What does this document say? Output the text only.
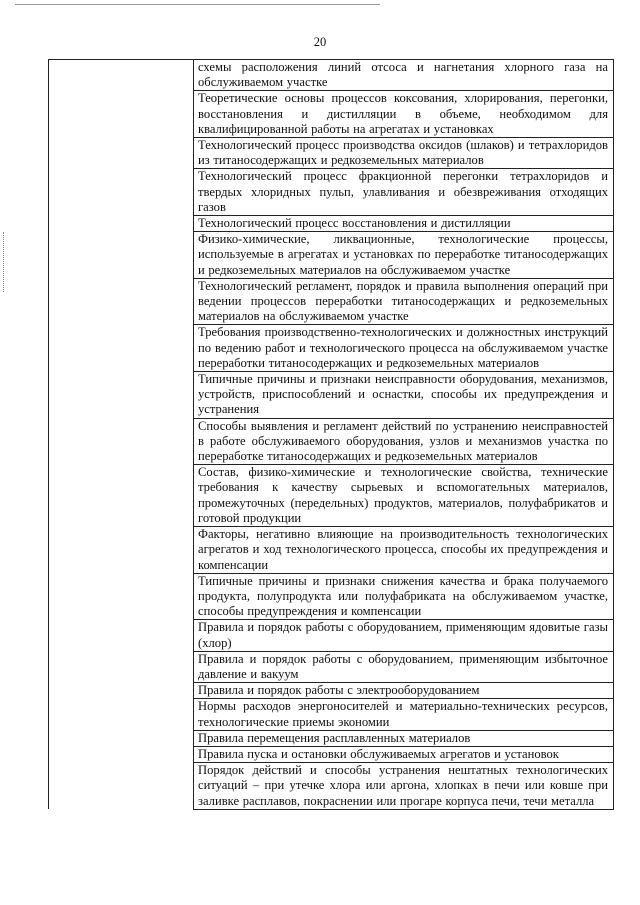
20
	схемы расположения линий отсоса и нагнетания хлорного газа на обслуживаемом участке
Теоретические основы процессов коксования, хлорирования, перегонки, восстановления и дистилляции в объеме, необходимом для квалифицированной работы на агрегатах и установках
Технологический процесс производства оксидов (шлаков) и тетрахлоридов из титаносодержащих и редкоземельных материалов
Технологический процесс фракционной перегонки тетрахлоридов и твердых хлоридных пульп, улавливания и обезвреживания отходящих газов
Технологический процесс восстановления и дистилляции
Физико-химические, ликвационные, технологические процессы, используемые в агрегатах и установках по переработке титаносодержащих и редкоземельных материалов на обслуживаемом участке
Технологический регламент, порядок и правила выполнения операций при ведении процессов переработки титаносодержащих и редкоземельных материалов на обслуживаемом участке
Требования производственно-технологических и должностных инструкций по ведению работ и технологического процесса на обслуживаемом участке переработки титаносодержащих и редкоземельных материалов
Типичные причины и признаки неисправности оборудования, механизмов, устройств, приспособлений и оснастки, способы их предупреждения и устранения
Способы выявления и регламент действий по устранению неисправностей в работе обслуживаемого оборудования, узлов и механизмов участка по переработке титаносодержащих и редкоземельных материалов
Состав, физико-химические и технологические свойства, технические требования к качеству сырьевых и вспомогательных материалов, промежуточных (передельных) продуктов, материалов, полуфабрикатов и готовой продукции
Факторы, негативно влияющие на производительность технологических агрегатов и ход технологического процесса, способы их предупреждения и компенсации
Типичные причины и признаки снижения качества и брака получаемого продукта, полупродукта или полуфабриката на обслуживаемом участке, способы предупреждения и компенсации
Правила и порядок работы с оборудованием, применяющим ядовитые газы (хлор)
Правила и порядок работы с оборудованием, применяющим избыточное давление и вакуум
Правила и порядок работы с электрооборудованием
Нормы расходов энергоносителей и материально-технических ресурсов, технологические приемы экономии
Правила перемещения расплавленных материалов
Правила пуска и остановки обслуживаемых агрегатов и установок
Порядок действий и способы устранения нештатных технологических ситуаций – при утечке хлора или аргона, хлопках в печи или ковше при заливке расплавов, покраснении или прогаре корпуса печи, течи металла
